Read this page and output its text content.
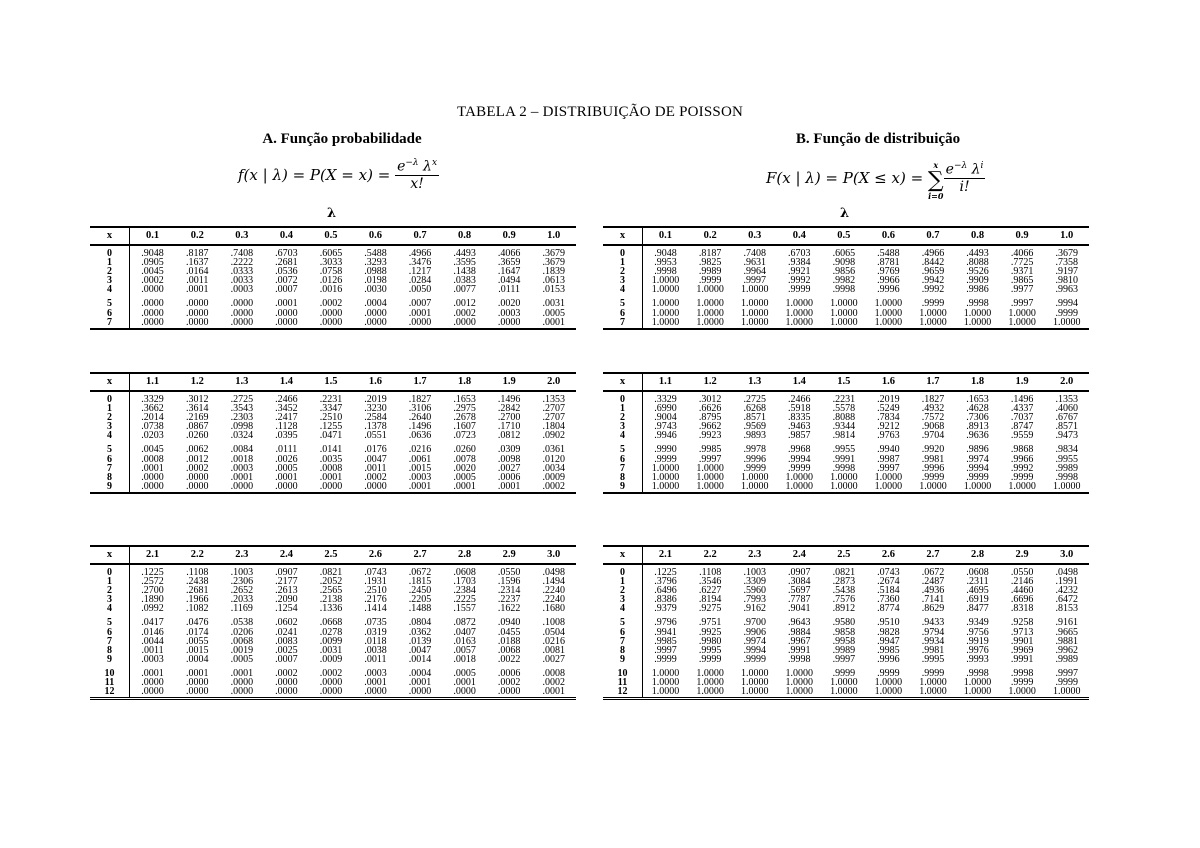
TABELA 2 – DISTRIBUIÇÃO DE POISSON
A. Função probabilidade	B. Função de distribuição
f(x | $\lambda) = P(X = x) = \frac{e^{-\lambda} \lambda^x}{x!}$	F(x | λ) = P(X ≤ x) =
x
∑
i=0
$\frac{e^{-\lambda} \lambda^i}{i!}$
λ	λ
x	0.1	0.2	0.3	0.4	0.5	0.6	0.7	0.8	0.9	1.0
0	.9048	.8187	.7408	.6703	.6065	.5488	.4966	.4493	.4066	.3679
1	.0905	.1637	.2222	.2681	.3033	.3293	.3476	.3595	.3659	.3679
2	.0045	.0164	.0333	.0536	.0758	.0988	.1217	.1438	.1647	.1839
3	.0002	.0011	.0033	.0072	.0126	.0198	.0284	.0383	.0494	.0613
4	.0000	.0001	.0003	.0007	.0016	.0030	.0050	.0077	.0111	.0153
5	.0000	.0000	.0000	.0001	.0002	.0004	.0007	.0012	.0020	.0031
6	.0000	.0000	.0000	.0000	.0000	.0000	.0001	.0002	.0003	.0005
7	.0000	.0000	.0000	.0000	.0000	.0000	.0000	.0000	.0000	.0001
x	0.1	0.2	0.3	0.4	0.5	0.6	0.7	0.8	0.9	1.0
0	.9048	.8187	.7408	.6703	.6065	.5488	.4966	.4493	.4066	.3679
1	.9953	.9825	.9631	.9384	.9098	.8781	.8442	.8088	.7725	.7358
2	.9998	.9989	.9964	.9921	.9856	.9769	.9659	.9526	.9371	.9197
3	1.0000	.9999	.9997	.9992	.9982	.9966	.9942	.9909	.9865	.9810
4	1.0000	1.0000	1.0000	.9999	.9998	.9996	.9992	.9986	.9977	.9963
5	1.0000	1.0000	1.0000	1.0000	1.0000	1.0000	.9999	.9998	.9997	.9994
6	1.0000	1.0000	1.0000	1.0000	1.0000	1.0000	1.0000	1.0000	1.0000	.9999
7	1.0000	1.0000	1.0000	1.0000	1.0000	1.0000	1.0000	1.0000	1.0000	1.0000
x	1.1	1.2	1.3	1.4	1.5	1.6	1.7	1.8	1.9	2.0
0	.3329	.3012	.2725	.2466	.2231	.2019	.1827	.1653	.1496	.1353
1	.3662	.3614	.3543	.3452	.3347	.3230	.3106	.2975	.2842	.2707
2	.2014	.2169	.2303	.2417	.2510	.2584	.2640	.2678	.2700	.2707
3	.0738	.0867	.0998	.1128	.1255	.1378	.1496	.1607	.1710	.1804
4	.0203	.0260	.0324	.0395	.0471	.0551	.0636	.0723	.0812	.0902
5	.0045	.0062	.0084	.0111	.0141	.0176	.0216	.0260	.0309	.0361
6	.0008	.0012	.0018	.0026	.0035	.0047	.0061	.0078	.0098	.0120
7	.0001	.0002	.0003	.0005	.0008	.0011	.0015	.0020	.0027	.0034
8	.0000	.0000	.0001	.0001	.0001	.0002	.0003	.0005	.0006	.0009
9	.0000	.0000	.0000	.0000	.0000	.0000	.0001	.0001	.0001	.0002
x	1.1	1.2	1.3	1.4	1.5	1.6	1.7	1.8	1.9	2.0
0	.3329	.3012	.2725	.2466	.2231	.2019	.1827	.1653	.1496	.1353
1	.6990	.6626	.6268	.5918	.5578	.5249	.4932	.4628	.4337	.4060
2	.9004	.8795	.8571	.8335	.8088	.7834	.7572	.7306	.7037	.6767
3	.9743	.9662	.9569	.9463	.9344	.9212	.9068	.8913	.8747	.8571
4	.9946	.9923	.9893	.9857	.9814	.9763	.9704	.9636	.9559	.9473
5	.9990	.9985	.9978	.9968	.9955	.9940	.9920	.9896	.9868	.9834
6	.9999	.9997	.9996	.9994	.9991	.9987	.9981	.9974	.9966	.9955
7	1.0000	1.0000	.9999	.9999	.9998	.9997	.9996	.9994	.9992	.9989
8	1.0000	1.0000	1.0000	1.0000	1.0000	1.0000	.9999	.9999	.9999	.9998
9	1.0000	1.0000	1.0000	1.0000	1.0000	1.0000	1.0000	1.0000	1.0000	1.0000
x	2.1	2.2	2.3	2.4	2.5	2.6	2.7	2.8	2.9	3.0
0	.1225	.1108	.1003	.0907	.0821	.0743	.0672	.0608	.0550	.0498
1	.2572	.2438	.2306	.2177	.2052	.1931	.1815	.1703	.1596	.1494
2	.2700	.2681	.2652	.2613	.2565	.2510	.2450	.2384	.2314	.2240
3	.1890	.1966	.2033	.2090	.2138	.2176	.2205	.2225	.2237	.2240
4	.0992	.1082	.1169	.1254	.1336	.1414	.1488	.1557	.1622	.1680
5	.0417	.0476	.0538	.0602	.0668	.0735	.0804	.0872	.0940	.1008
6	.0146	.0174	.0206	.0241	.0278	.0319	.0362	.0407	.0455	.0504
7	.0044	.0055	.0068	.0083	.0099	.0118	.0139	.0163	.0188	.0216
8	.0011	.0015	.0019	.0025	.0031	.0038	.0047	.0057	.0068	.0081
9	.0003	.0004	.0005	.0007	.0009	.0011	.0014	.0018	.0022	.0027
10	.0001	.0001	.0001	.0002	.0002	.0003	.0004	.0005	.0006	.0008
11	.0000	.0000	.0000	.0000	.0000	.0001	.0001	.0001	.0002	.0002
12	.0000	.0000	.0000	.0000	.0000	.0000	.0000	.0000	.0000	.0001
x	2.1	2.2	2.3	2.4	2.5	2.6	2.7	2.8	2.9	3.0
0	.1225	.1108	.1003	.0907	.0821	.0743	.0672	.0608	.0550	.0498
1	.3796	.3546	.3309	.3084	.2873	.2674	.2487	.2311	.2146	.1991
2	.6496	.6227	.5960	.5697	.5438	.5184	.4936	.4695	.4460	.4232
3	.8386	.8194	.7993	.7787	.7576	.7360	.7141	.6919	.6696	.6472
4	.9379	.9275	.9162	.9041	.8912	.8774	.8629	.8477	.8318	.8153
5	.9796	.9751	.9700	.9643	.9580	.9510	.9433	.9349	.9258	.9161
6	.9941	.9925	.9906	.9884	.9858	.9828	.9794	.9756	.9713	.9665
7	.9985	.9980	.9974	.9967	.9958	.9947	.9934	.9919	.9901	.9881
8	.9997	.9995	.9994	.9991	.9989	.9985	.9981	.9976	.9969	.9962
9	.9999	.9999	.9999	.9998	.9997	.9996	.9995	.9993	.9991	.9989
10	1.0000	1.0000	1.0000	1.0000	.9999	.9999	.9999	.9998	.9998	.9997
11	1.0000	1.0000	1.0000	1.0000	1.0000	1.0000	1.0000	1.0000	.9999	.9999
12	1.0000	1.0000	1.0000	1.0000	1.0000	1.0000	1.0000	1.0000	1.0000	1.0000
